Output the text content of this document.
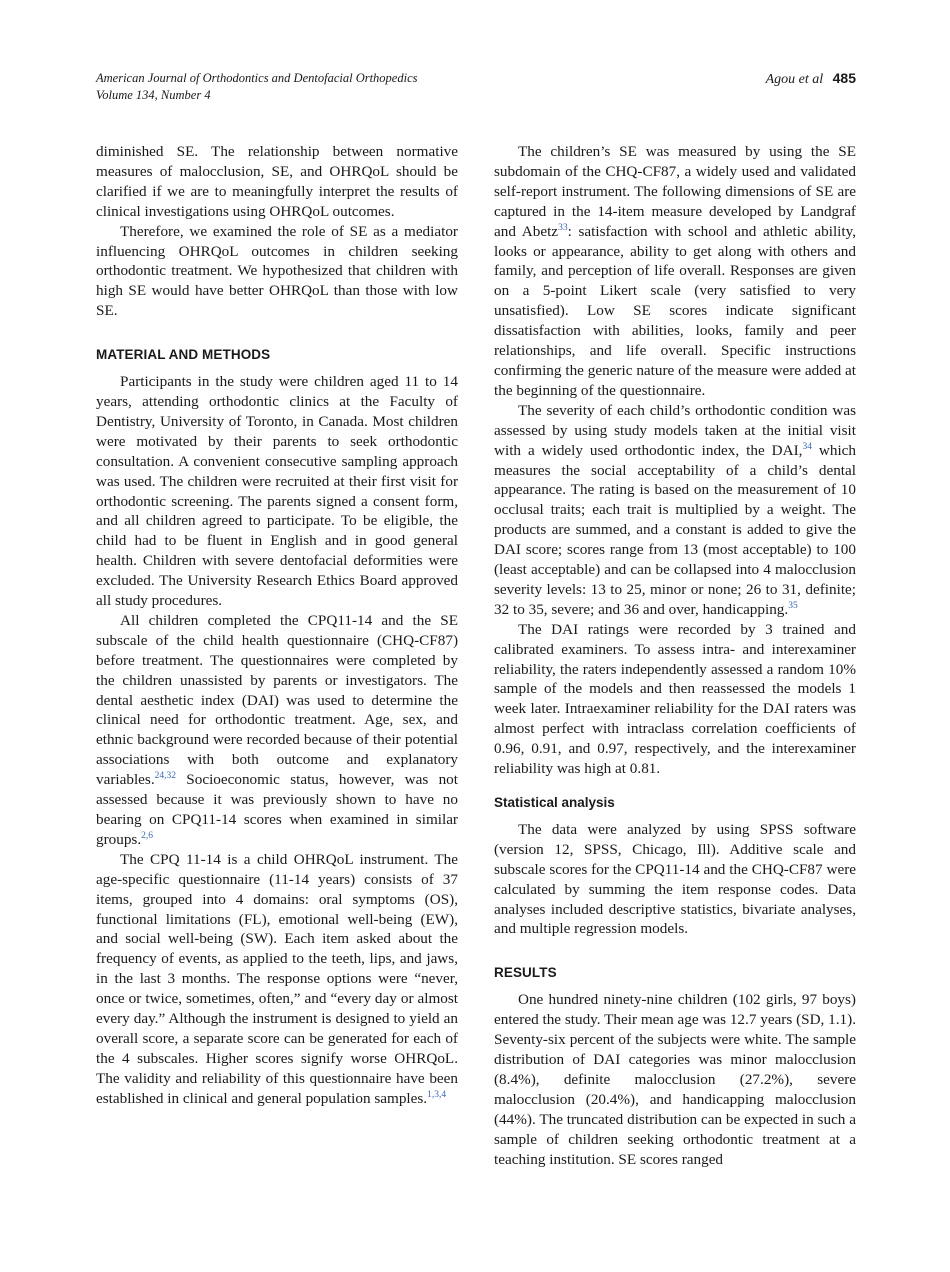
American Journal of Orthodontics and Dentofacial Orthopedics
Volume 134, Number 4
Agou et al 485

diminished SE. The relationship between normative measures of malocclusion, SE, and OHRQoL should be clarified if we are to meaningfully interpret the results of clinical investigations using OHRQoL outcomes.

Therefore, we examined the role of SE as a mediator influencing OHRQoL outcomes in children seeking orthodontic treatment. We hypothesized that children with high SE would have better OHRQoL than those with low SE.

MATERIAL AND METHODS

Participants in the study were children aged 11 to 14 years, attending orthodontic clinics at the Faculty of Dentistry, University of Toronto, in Canada. Most children were motivated by their parents to seek orthodontic consultation. A convenient consecutive sampling approach was used. The children were recruited at their first visit for orthodontic screening. The parents signed a consent form, and all children agreed to participate. To be eligible, the child had to be fluent in English and in good general health. Children with severe dentofacial deformities were excluded. The University Research Ethics Board approved all study procedures.

All children completed the CPQ11-14 and the SE subscale of the child health questionnaire (CHQ-CF87) before treatment. The questionnaires were completed by the children unassisted by parents or investigators. The dental aesthetic index (DAI) was used to determine the clinical need for orthodontic treatment. Age, sex, and ethnic background were recorded because of their potential associations with both outcome and explanatory variables.$^{24,32}$ Socioeconomic status, however, was not assessed because it was previously shown to have no bearing on CPQ11-14 scores when examined in similar groups.$^{2,6}$

The CPQ 11-14 is a child OHRQoL instrument. The age-specific questionnaire (11-14 years) consists of 37 items, grouped into 4 domains: oral symptoms (OS), functional limitations (FL), emotional well-being (EW), and social well-being (SW). Each item asked about the frequency of events, as applied to the teeth, lips, and jaws, in the last 3 months. The response options were “never, once or twice, sometimes, often,” and “every day or almost every day.” Although the instrument is designed to yield an overall score, a separate score can be generated for each of the 4 subscales. Higher scores signify worse OHRQoL. The validity and reliability of this questionnaire have been established in clinical and general population samples.$^{1,3,4}$

The children’s SE was measured by using the SE subdomain of the CHQ-CF87, a widely used and validated self-report instrument. The following dimensions of SE are captured in the 14-item measure developed by Landgraf and Abetz$^{33}$: satisfaction with school and athletic ability, looks or appearance, ability to get along with others and family, and perception of life overall. Responses are given on a 5-point Likert scale (very satisfied to very unsatisfied). Low SE scores indicate significant dissatisfaction with abilities, looks, family and peer relationships, and life overall. Specific instructions confirming the generic nature of the measure were added at the beginning of the questionnaire.

The severity of each child’s orthodontic condition was assessed by using study models taken at the initial visit with a widely used orthodontic index, the DAI,$^{34}$ which measures the social acceptability of a child’s dental appearance. The rating is based on the measurement of 10 occlusal traits; each trait is multiplied by a weight. The products are summed, and a constant is added to give the DAI score; scores range from 13 (most acceptable) to 100 (least acceptable) and can be collapsed into 4 malocclusion severity levels: 13 to 25, minor or none; 26 to 31, definite; 32 to 35, severe; and 36 and over, handicapping.$^{35}$

The DAI ratings were recorded by 3 trained and calibrated examiners. To assess intra- and interexaminer reliability, the raters independently assessed a random 10% sample of the models and then reassessed the models 1 week later. Intraexaminer reliability for the DAI raters was almost perfect with intraclass correlation coefficients of 0.96, 0.91, and 0.97, respectively, and the interexaminer reliability was high at 0.81.

Statistical analysis

The data were analyzed by using SPSS software (version 12, SPSS, Chicago, Ill). Additive scale and subscale scores for the CPQ11-14 and the CHQ-CF87 were calculated by summing the item response codes. Data analyses included descriptive statistics, bivariate analyses, and multiple regression models.

RESULTS

One hundred ninety-nine children (102 girls, 97 boys) entered the study. Their mean age was 12.7 years (SD, 1.1). Seventy-six percent of the subjects were white. The sample distribution of DAI categories was minor malocclusion (8.4%), definite malocclusion (27.2%), severe malocclusion (20.4%), and handicapping malocclusion (44%). The truncated distribution can be expected in such a sample of children seeking orthodontic treatment at a teaching institution. SE scores ranged
